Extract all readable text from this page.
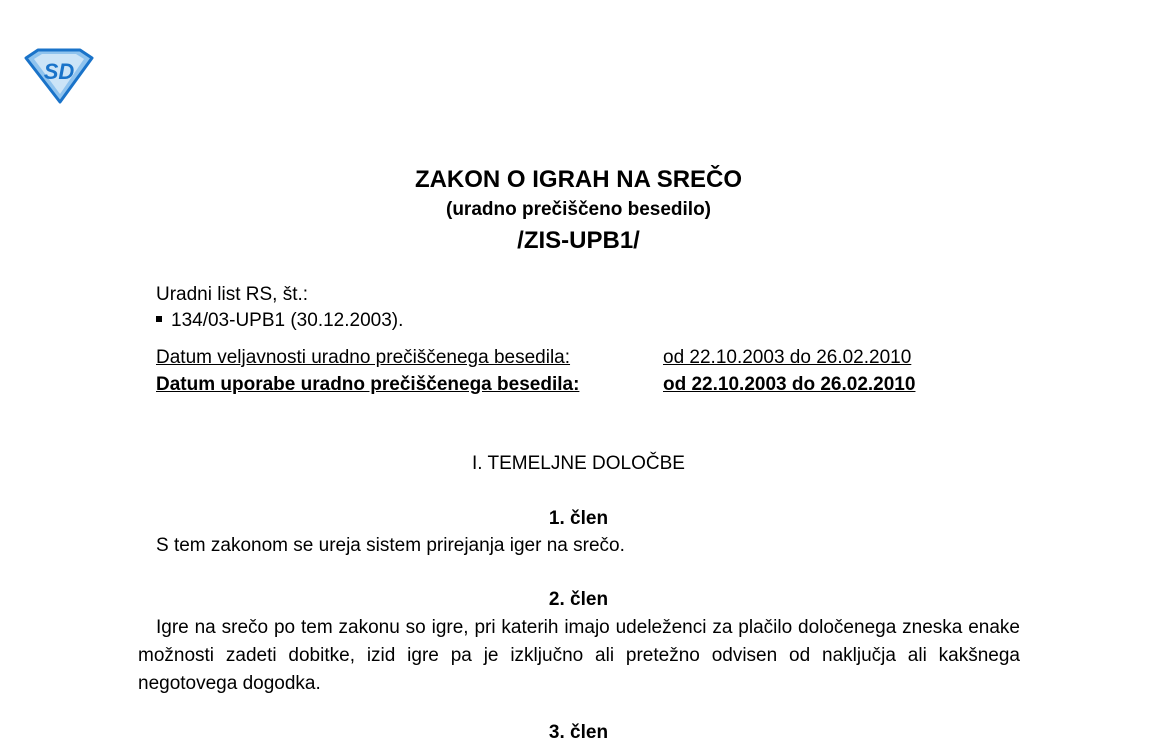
SD
ZAKON O IGRAH NA SREČO
(uradno prečiščeno besedilo)
/ZIS-UPB1/
Uradni list RS, št.:
134/03-UPB1 (30.12.2003).
Datum veljavnosti uradno prečiščenega besedila:	od 22.10.2003 do 26.02.2010
Datum uporabe uradno prečiščenega besedila:	od 22.10.2003 do 26.02.2010
I. TEMELJNE DOLOČBE
1. člen
S tem zakonom se ureja sistem prirejanja iger na srečo.
2. člen
Igre na srečo po tem zakonu so igre, pri katerih imajo udeleženci za plačilo določenega zneska enake možnosti zadeti dobitke, izid igre pa je izključno ali pretežno odvisen od naključja ali kakšnega negotovega dogodka.
3. člen
